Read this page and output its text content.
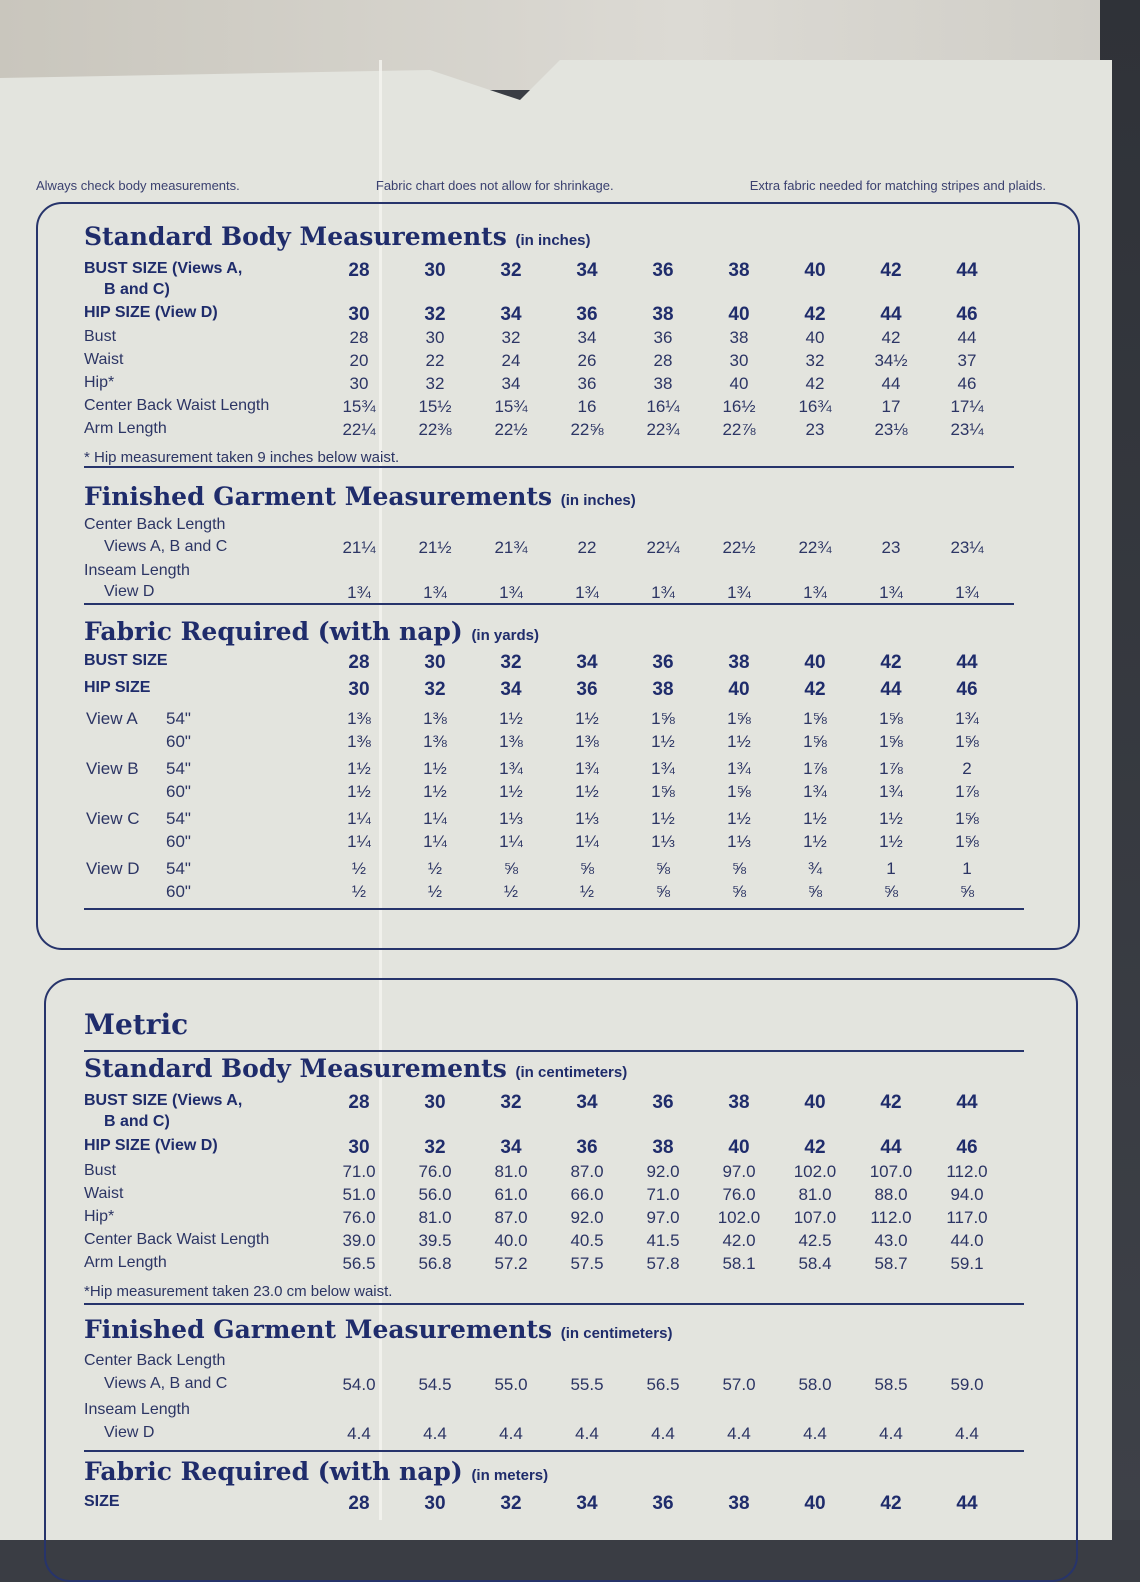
Always check body measurements.	Fabric chart does not allow for shrinkage.	Extra fabric needed for matching stripes and plaids.
Standard Body Measurements (in inches)
BUST SIZE (Views A,	28	30	32	34	36	38	40	42	44
B and C)
HIP SIZE (View D)	30	32	34	36	38	40	42	44	46
Bust	28	30	32	34	36	38	40	42	44
Waist	20	22	24	26	28	30	32	34½	37
Hip*	30	32	34	36	38	40	42	44	46
Center Back Waist Length	15¾	15½	15¾	16	16¼	16½	16¾	17	17¼
Arm Length	22¼	22⅜	22½	22⅝	22¾	22⅞	23	23⅛	23¼
* Hip measurement taken 9 inches below waist.
Finished Garment Measurements (in inches)
Center Back Length
Views A, B and C	21¼	21½	21¾	22	22¼	22½	22¾	23	23¼
Inseam Length
View D	1¾	1¾	1¾	1¾	1¾	1¾	1¾	1¾	1¾
Fabric Required (with nap) (in yards)
BUST SIZE	28	30	32	34	36	38	40	42	44
HIP SIZE	30	32	34	36	38	40	42	44	46
View A 54"	1⅜	1⅜	1½	1½	1⅝	1⅝	1⅝	1⅝	1¾
60"	1⅜	1⅜	1⅜	1⅜	1½	1½	1⅝	1⅝	1⅝
View B 54"	1½	1½	1¾	1¾	1¾	1¾	1⅞	1⅞	2
60"	1½	1½	1½	1½	1⅝	1⅝	1¾	1¾	1⅞
View C 54"	1¼	1¼	1⅓	1⅓	1½	1½	1½	1½	1⅝
60"	1¼	1¼	1¼	1¼	1⅓	1⅓	1½	1½	1⅝
View D 54"	½	½	⅝	⅝	⅝	⅝	¾	1	1
60"	½	½	½	½	⅝	⅝	⅝	⅝	⅝
Metric
Standard Body Measurements (in centimeters)
BUST SIZE (Views A,	28	30	32	34	36	38	40	42	44
B and C)
HIP SIZE (View D)	30	32	34	36	38	40	42	44	46
Bust	71.0	76.0	81.0	87.0	92.0	97.0	102.0	107.0	112.0
Waist	51.0	56.0	61.0	66.0	71.0	76.0	81.0	88.0	94.0
Hip*	76.0	81.0	87.0	92.0	97.0	102.0	107.0	112.0	117.0
Center Back Waist Length	39.0	39.5	40.0	40.5	41.5	42.0	42.5	43.0	44.0
Arm Length	56.5	56.8	57.2	57.5	57.8	58.1	58.4	58.7	59.1
*Hip measurement taken 23.0 cm below waist.
Finished Garment Measurements (in centimeters)
Center Back Length
Views A, B and C	54.0	54.5	55.0	55.5	56.5	57.0	58.0	58.5	59.0
Inseam Length
View D	4.4	4.4	4.4	4.4	4.4	4.4	4.4	4.4	4.4
Fabric Required (with nap) (in meters)
SIZE	28	30	32	34	36	38	40	42	44
